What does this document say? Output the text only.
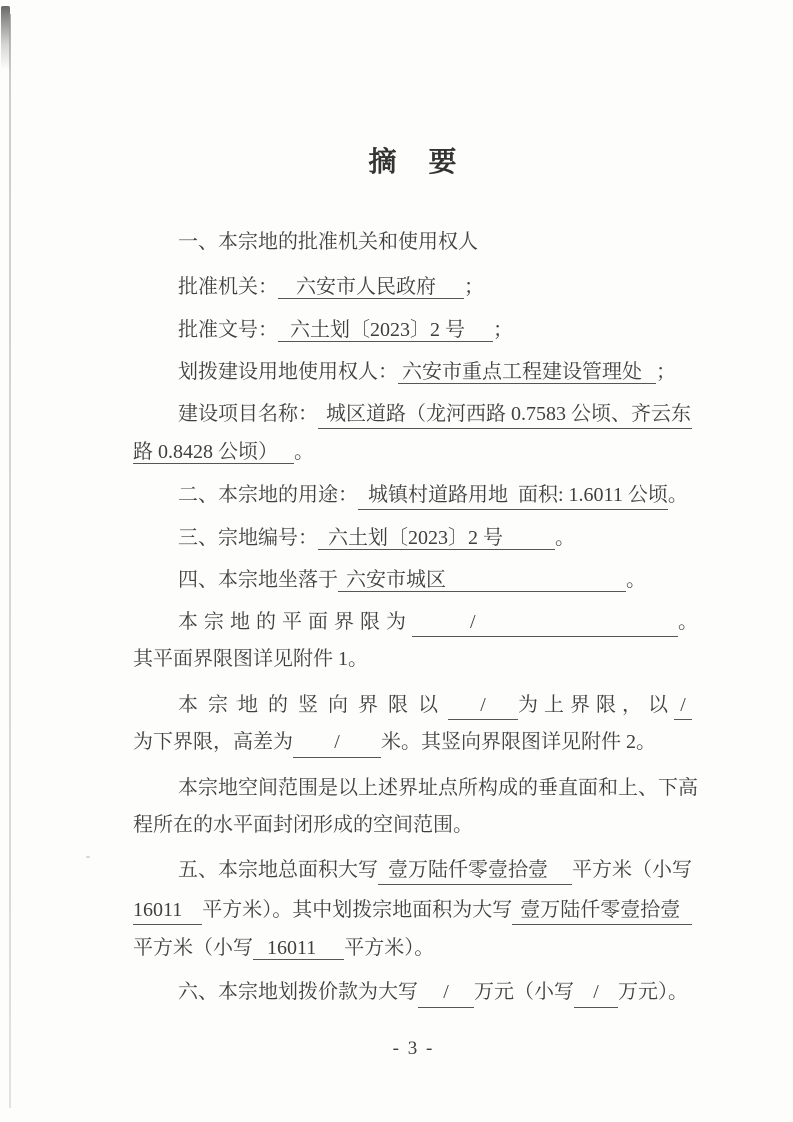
摘　要
一、本宗地的批准机关和使用权人
批准机关： 六安市人民政府 ；
批准文号： 六土划〔2023〕2 号 ；
划拨建设用地使用权人： 六安市重点工程建设管理处 ；
建设项目名称： 城区道路（龙河西路 0.7583 公顷、齐云东
路 0.8428 公顷） 。
二、本宗地的用途： 城镇村道路用地  面积: 1.6011 公顷 。
三、宗地编号： 六土划〔2023〕2 号	。
四、本宗地坐落于 六安市城区	。
本宗地的平面界限为	/	。
其平面界限图详见附件 1。
本宗地的竖向界限以	/	为上界限，以 /
为下界限，高差为 / 米。其竖向界限图详见附件 2。
本宗地空间范围是以上述界址点所构成的垂直面和上、下高
程所在的水平面封闭形成的空间范围。
五、本宗地总面积大写 壹万陆仟零壹拾壹	平方米（小写
16011	平方米）。其中划拨宗地面积为大写 壹万陆仟零壹拾壹
平方米（小写 16011 平方米）。
六、本宗地划拨价款为大写 / 万元（小写 / 万元）。
- 3 -
